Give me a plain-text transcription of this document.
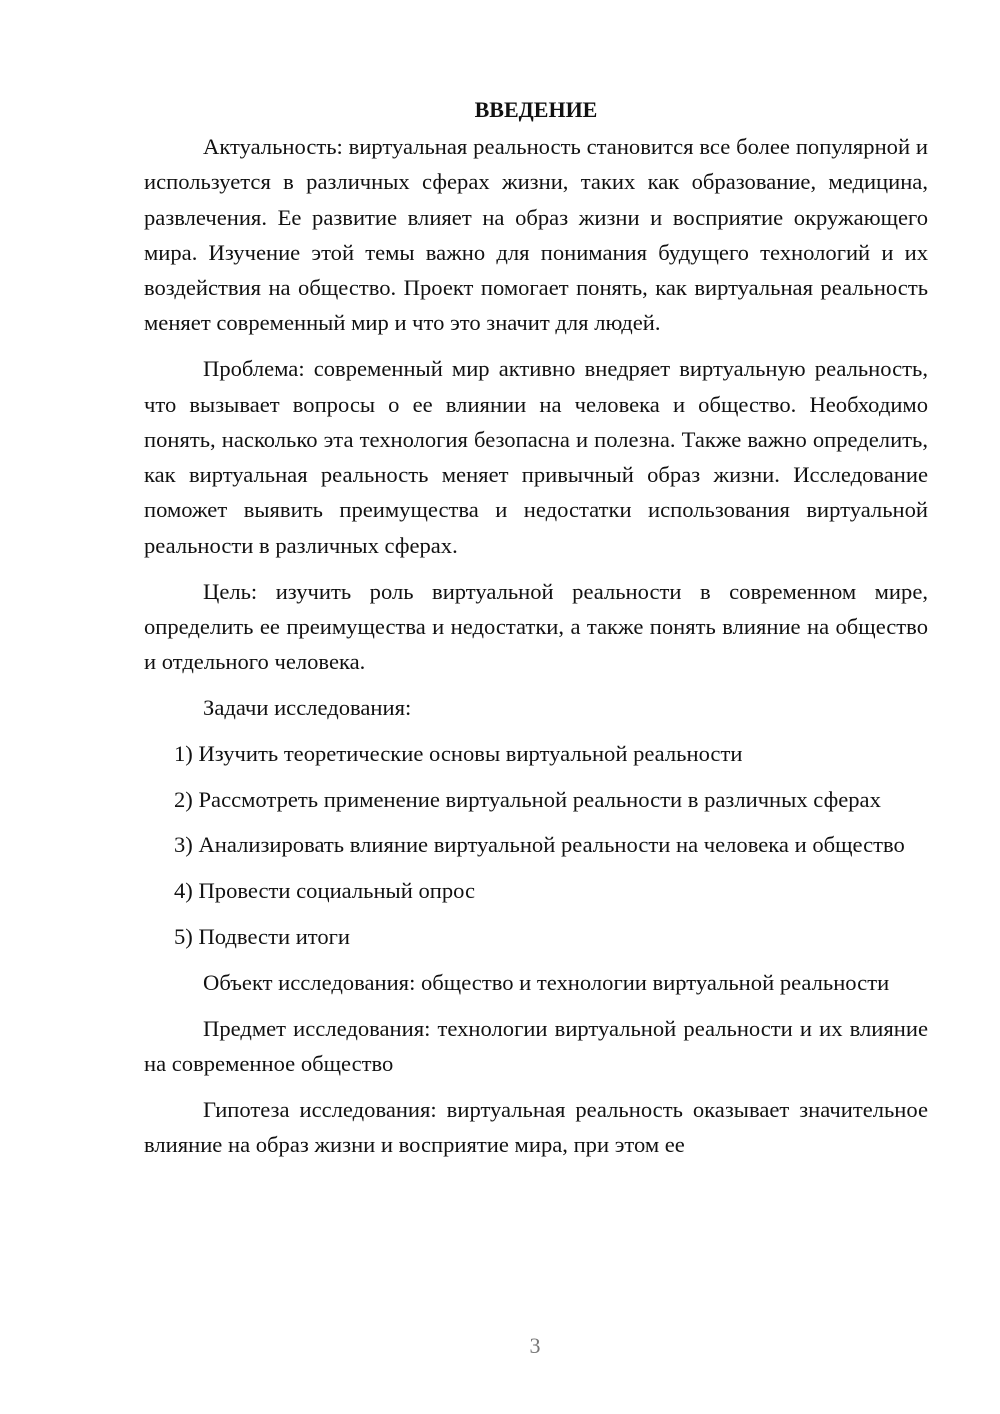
ВВЕДЕНИЕ

Актуальность: виртуальная реальность становится все более популярной и используется в различных сферах жизни, таких как образование, медицина, развлечения. Ее развитие влияет на образ жизни и восприятие окружающего мира. Изучение этой темы важно для понимания будущего технологий и их воздействия на общество. Проект помогает понять, как виртуальная реальность меняет современный мир и что это значит для людей.

Проблема: современный мир активно внедряет виртуальную реальность, что вызывает вопросы о ее влиянии на человека и общество. Необходимо понять, насколько эта технология безопасна и полезна. Также важно определить, как виртуальная реальность меняет привычный образ жизни. Исследование поможет выявить преимущества и недостатки использования виртуальной реальности в различных сферах.

Цель: изучить роль виртуальной реальности в современном мире, определить ее преимущества и недостатки, а также понять влияние на общество и отдельного человека.

Задачи исследования:

1) Изучить теоретические основы виртуальной реальности

2) Рассмотреть применение виртуальной реальности в различных сферах

3) Анализировать влияние виртуальной реальности на человека и общество

4) Провести социальный опрос

5) Подвести итоги

Объект исследования: общество и технологии виртуальной реальности

Предмет исследования: технологии виртуальной реальности и их влияние на современное общество

Гипотеза исследования: виртуальная реальность оказывает значительное влияние на образ жизни и восприятие мира, при этом ее

3
